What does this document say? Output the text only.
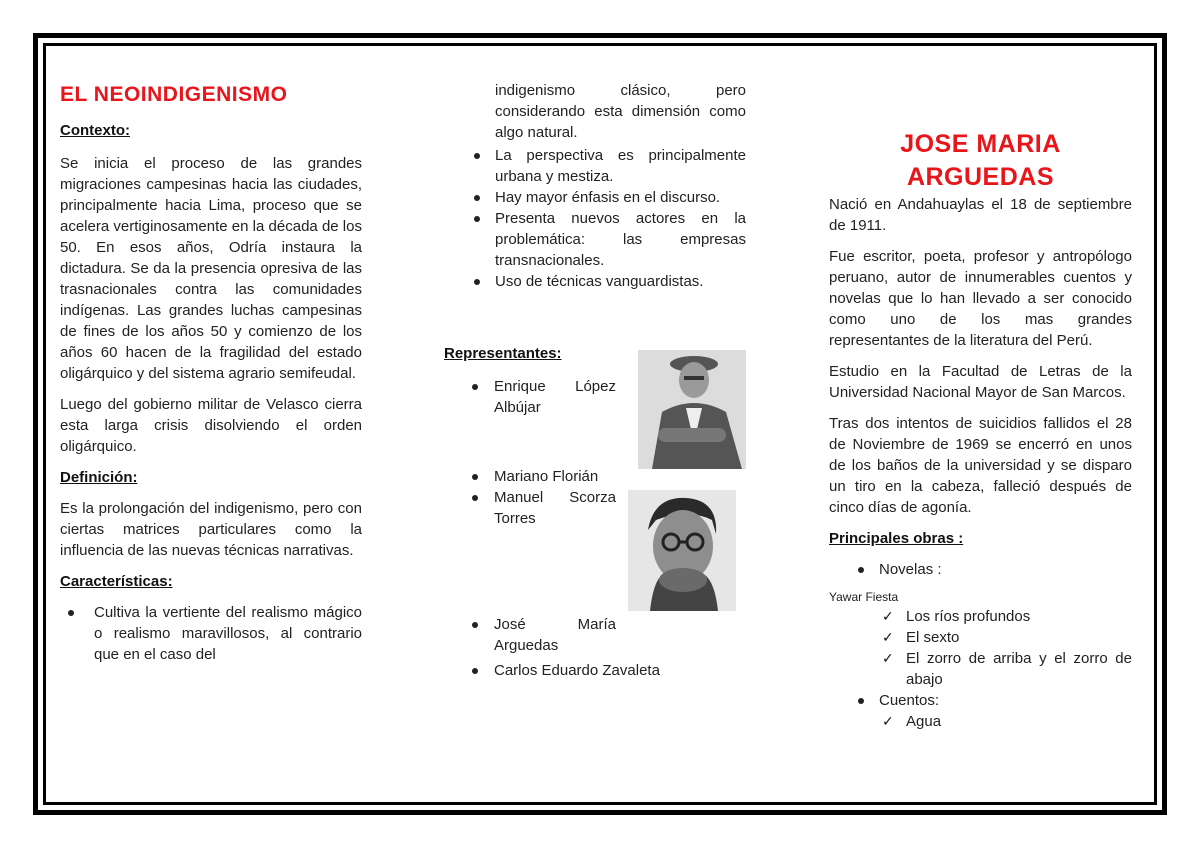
EL NEOINDIGENISMO

Contexto:

Se inicia el proceso de las grandes migraciones campesinas hacia las ciudades, principalmente hacia Lima, proceso que se acelera vertiginosamente en la década de los 50. En esos años, Odría instaura la dictadura. Se da la presencia opresiva de las trasnacionales contra las comunidades indígenas. Las grandes luchas campesinas de fines de los años 50 y comienzo de los años 60 hacen de la fragilidad del estado oligárquico y del sistema agrario semifeudal.

Luego del gobierno militar de Velasco cierra esta larga crisis disolviendo el orden oligárquico.

Definición:

Es la prolongación del indigenismo, pero con ciertas matrices particulares como la influencia de las nuevas técnicas narrativas.

Características:

Cultiva la vertiente del realismo mágico o realismo maravillosos, al contrario que en el caso del

indigenismo clásico, pero considerando esta dimensión como algo natural.

La perspectiva es principalmente urbana y mestiza.
Hay mayor énfasis en el discurso.
Presenta nuevos actores en la problemática: las empresas transnacionales.
Uso de técnicas vanguardistas.
Representantes:
Enrique López Albújar
Mariano Florián
Manuel Scorza Torres
José María Arguedas
Carlos Eduardo Zavaleta

JOSE MARIA ARGUEDAS

Nació en Andahuaylas el 18 de septiembre de 1911.

Fue escritor, poeta, profesor y antropólogo peruano, autor de innumerables cuentos y novelas que lo han llevado a ser conocido como uno de los mas grandes representantes de la literatura del Perú.

Estudio en la Facultad de Letras de la Universidad Nacional Mayor de San Marcos.

Tras dos intentos de suicidios fallidos el 28 de Noviembre de 1969 se encerró en unos de los baños de la universidad y se disparo un tiro en la cabeza, falleció después de cinco días de agonía.

Principales obras :

Novelas :

Yawar Fiesta

✓ Los ríos profundos
✓ El sexto
✓ El zorro de arriba y el zorro de abajo
Cuentos:
✓ Agua
